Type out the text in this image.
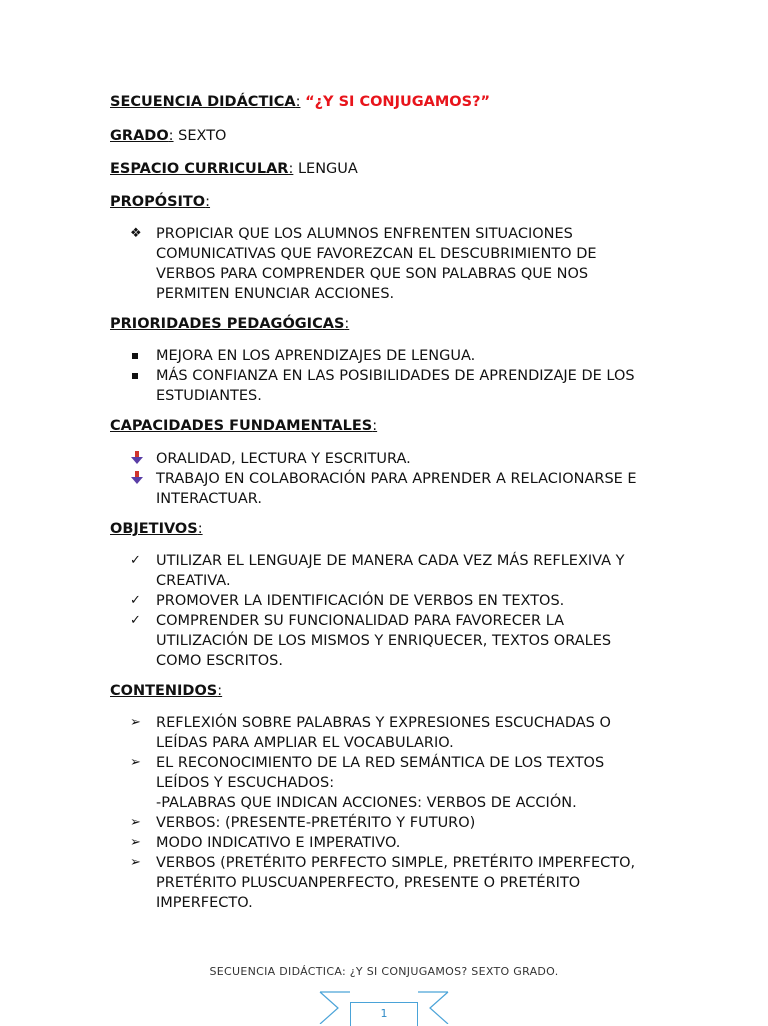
SECUENCIA DIDÁCTICA: “¿Y SI CONJUGAMOS?”
GRADO: SEXTO
ESPACIO CURRICULAR: LENGUA
PROPÓSITO:
❖ PROPICIAR QUE LOS ALUMNOS ENFRENTEN SITUACIONES
COMUNICATIVAS QUE FAVOREZCAN EL DESCUBRIMIENTO DE
VERBOS PARA COMPRENDER QUE SON PALABRAS QUE NOS
PERMITEN ENUNCIAR ACCIONES.
PRIORIDADES PEDAGÓGICAS:
MEJORA EN LOS APRENDIZAJES DE LENGUA.
MÁS CONFIANZA EN LAS POSIBILIDADES DE APRENDIZAJE DE LOS
ESTUDIANTES.
CAPACIDADES FUNDAMENTALES:
ORALIDAD, LECTURA Y ESCRITURA.
TRABAJO EN COLABORACIÓN PARA APRENDER A RELACIONARSE E
INTERACTUAR.
OBJETIVOS:
✓	UTILIZAR EL LENGUAJE DE MANERA CADA VEZ MÁS REFLEXIVA Y
CREATIVA.
✓	PROMOVER LA IDENTIFICACIÓN DE VERBOS EN TEXTOS.
✓	COMPRENDER SU FUNCIONALIDAD PARA FAVORECER LA
UTILIZACIÓN DE LOS MISMOS Y ENRIQUECER, TEXTOS ORALES
COMO ESCRITOS.
CONTENIDOS:
➢	REFLEXIÓN SOBRE PALABRAS Y EXPRESIONES ESCUCHADAS O
LEÍDAS PARA AMPLIAR EL VOCABULARIO.
➢	EL RECONOCIMIENTO DE LA RED SEMÁNTICA DE LOS TEXTOS
LEÍDOS Y ESCUCHADOS:
-PALABRAS QUE INDICAN ACCIONES: VERBOS DE ACCIÓN.
➢	VERBOS: (PRESENTE-PRETÉRITO Y FUTURO)
➢	MODO INDICATIVO E IMPERATIVO.
➢	VERBOS (PRETÉRITO PERFECTO SIMPLE, PRETÉRITO IMPERFECTO,
PRETÉRITO PLUSCUANPERFECTO, PRESENTE O PRETÉRITO
IMPERFECTO.
SECUENCIA DIDÁCTICA: ¿Y SI CONJUGAMOS? SEXTO GRADO.
1
